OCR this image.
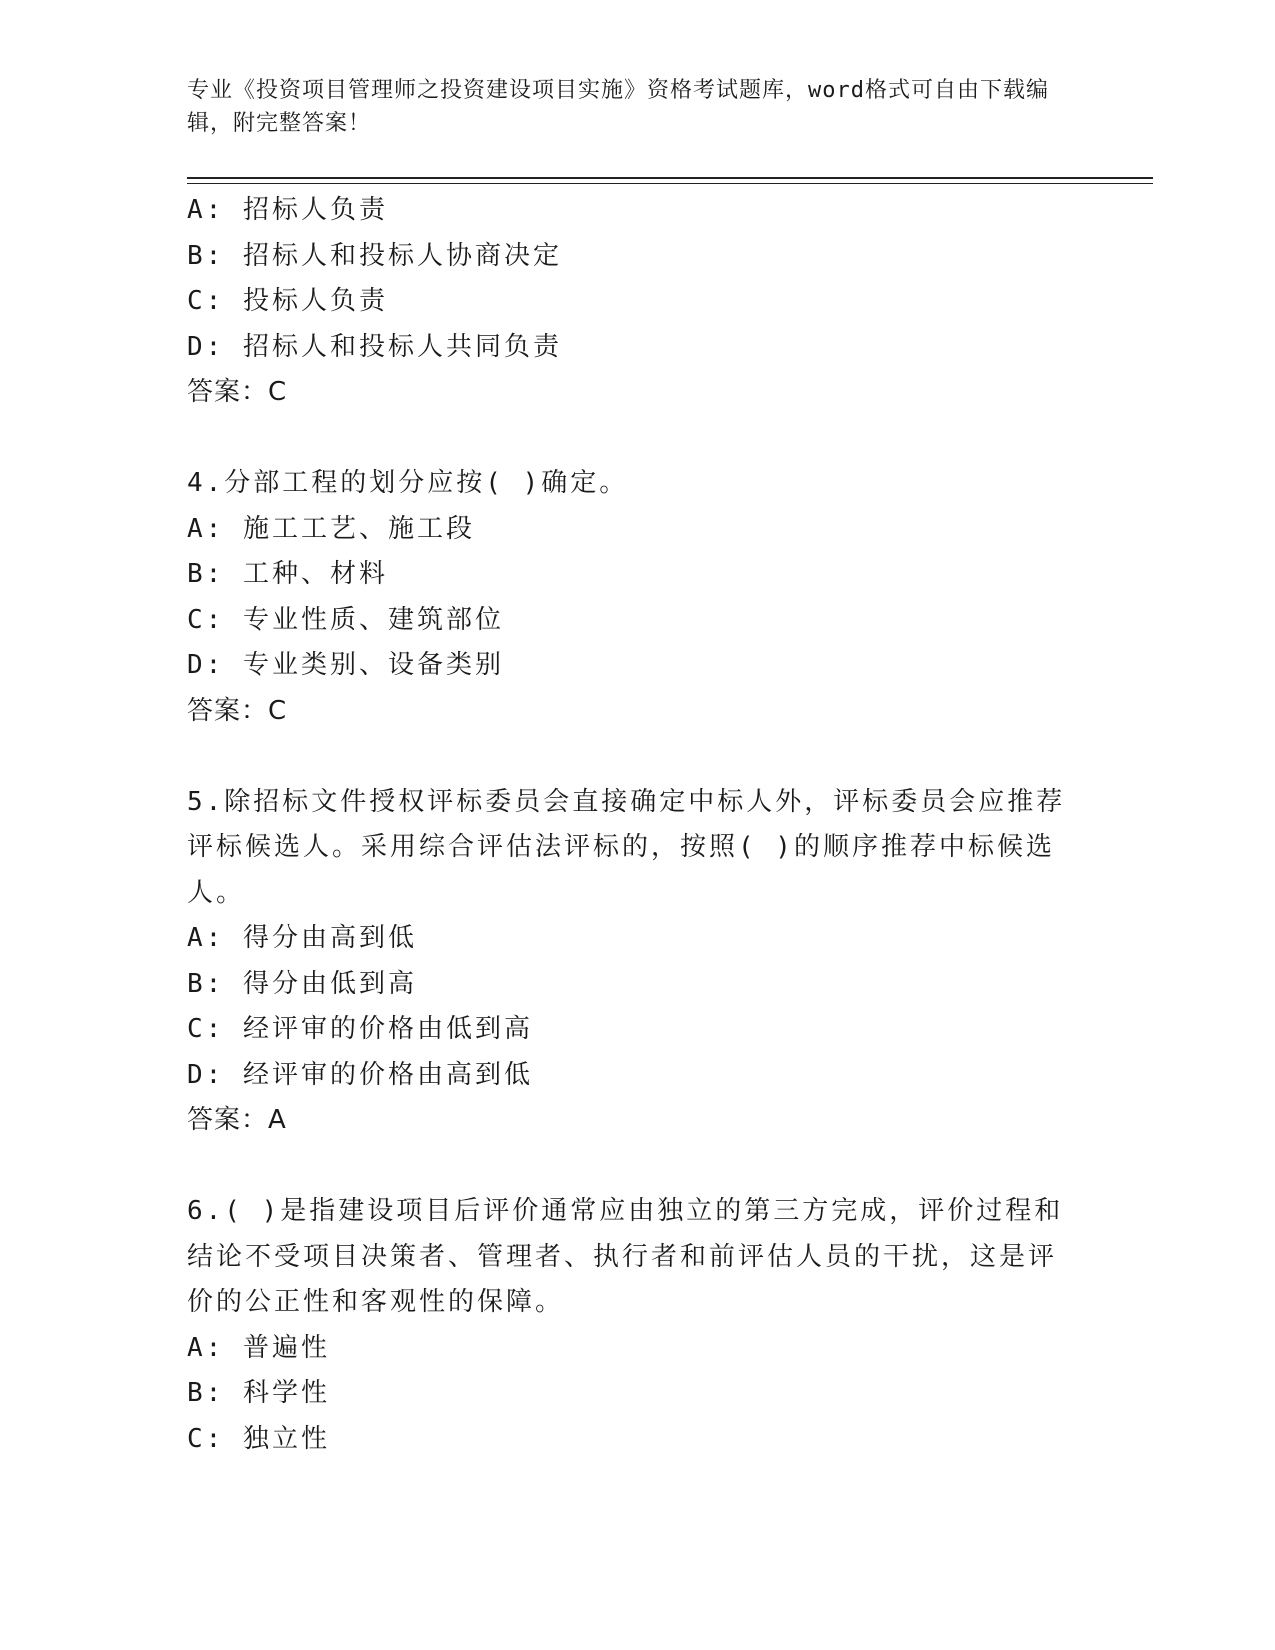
专业《投资项目管理师之投资建设项目实施》资格考试题库，word格式可自由下载编辑，附完整答案！
A: 招标人负责
B: 招标人和投标人协商决定
C: 投标人负责
D: 招标人和投标人共同负责
答案：C
4.分部工程的划分应按( )确定。
A: 施工工艺、施工段
B: 工种、材料
C: 专业性质、建筑部位
D: 专业类别、设备类别
答案：C
5.除招标文件授权评标委员会直接确定中标人外，评标委员会应推荐评标候选人。采用综合评估法评标的，按照( )的顺序推荐中标候选人。
A: 得分由高到低
B: 得分由低到高
C: 经评审的价格由低到高
D: 经评审的价格由高到低
答案：A
6.( )是指建设项目后评价通常应由独立的第三方完成，评价过程和结论不受项目决策者、管理者、执行者和前评估人员的干扰，这是评价的公正性和客观性的保障。
A: 普遍性
B: 科学性
C: 独立性
